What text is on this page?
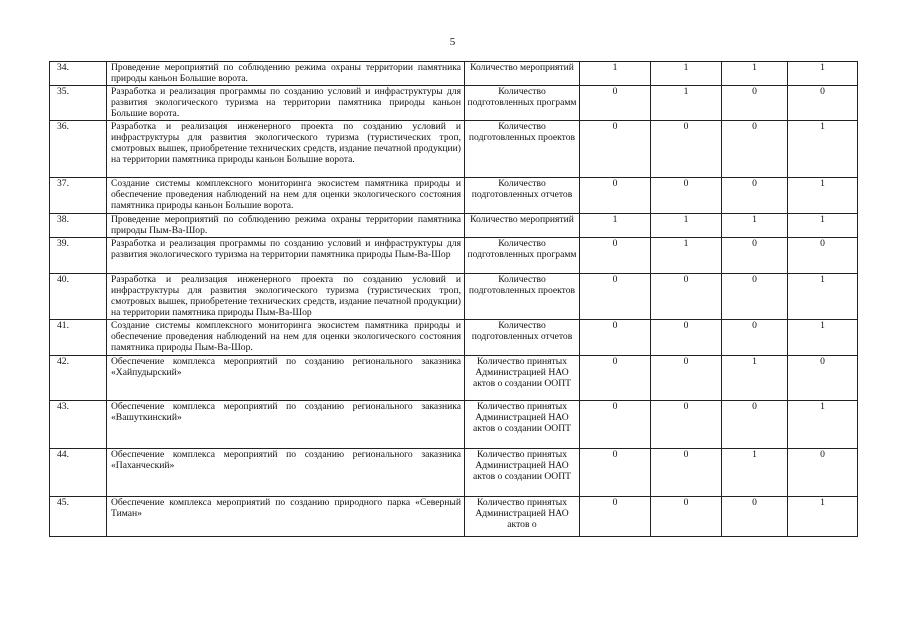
5
34.	Проведение мероприятий по соблюдению режима охраны территории памятника природы каньон Большие ворота.	Количество мероприятий	1	1	1	1
35.	Разработка и реализация программы по созданию условий и инфраструктуры для развития экологического туризма на территории памятника природы каньон Большие ворота.	Количество подготовленных программ	0	1	0	0
36.	Разработка и реализация инженерного проекта по созданию условий и инфраструктуры для развития экологического туризма (туристических троп, смотровых вышек, приобретение технических средств, издание печатной продукции) на территории памятника природы каньон Большие ворота.	Количество подготовленных проектов	0	0	0	1
37.	Создание системы комплексного мониторинга экосистем памятника природы и обеспечение проведения наблюдений на нем для оценки экологического состояния памятника природы каньон Большие ворота.	Количество подготовленных отчетов	0	0	0	1
38.	Проведение мероприятий по соблюдению режима охраны территории памятника природы Пым-Ва-Шор.	Количество мероприятий	1	1	1	1
39.	Разработка и реализация программы по созданию условий и инфраструктуры для развития экологического туризма на территории памятника природы Пым-Ва-Шор	Количество подготовленных программ	0	1	0	0
40.	Разработка и реализация инженерного проекта по созданию условий и инфраструктуры для развития экологического туризма (туристических троп, смотровых вышек, приобретение технических средств, издание печатной продукции) на территории памятника природы Пым-Ва-Шор	Количество подготовленных проектов	0	0	0	1
41.	Создание системы комплексного мониторинга экосистем памятника природы и обеспечение проведения наблюдений на нем для оценки экологического состояния памятника природы Пым-Ва-Шор.	Количество подготовленных отчетов	0	0	0	1
42.	Обеспечение комплекса мероприятий по созданию регионального заказника «Хайпудырский»	Количество принятых Администрацией НАО актов о создании ООПТ	0	0	1	0
43.	Обеспечение комплекса мероприятий по созданию регионального заказника «Вашуткинский»	Количество принятых Администрацией НАО актов о создании ООПТ	0	0	0	1
44.	Обеспечение комплекса мероприятий по созданию регионального заказника «Паханческий»	Количество принятых Администрацией НАО актов о создании ООПТ	0	0	1	0
45.	Обеспечение комплекса мероприятий по созданию природного парка «Северный Тиман»	Количество принятых Администрацией НАО актов о	0	0	0	1
